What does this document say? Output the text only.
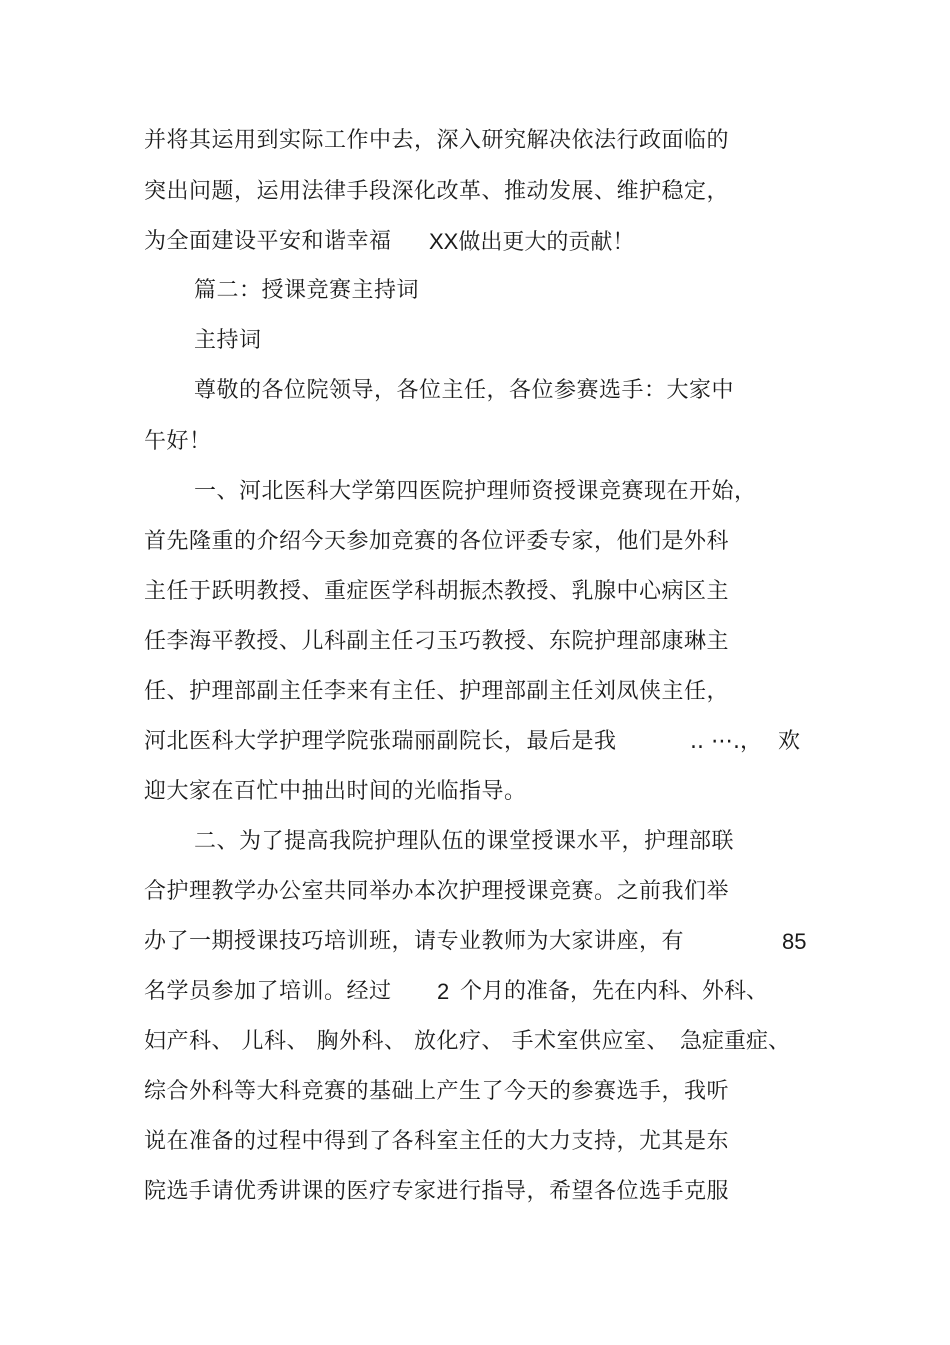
并将其运用到实际工作中去，深入研究解决依法行政面临的
突出问题，运用法律手段深化改革、推动发展、维护稳定，
为全面建设平安和谐幸福 XX做出更大的贡献！
篇二：授课竞赛主持词
主持词
尊敬的各位院领导，各位主任，各位参赛选手：大家中
午好！
一、河北医科大学第四医院护理师资授课竞赛现在开始，
首先隆重的介绍今天参加竞赛的各位评委专家，他们是外科
主任于跃明教授、重症医学科胡振杰教授、乳腺中心病区主
任李海平教授、儿科副主任刁玉巧教授、东院护理部康琳主
任、护理部副主任李来有主任、护理部副主任刘凤侠主任，
河北医科大学护理学院张瑞丽副院长，最后是我	.. ⋯.， 欢
迎大家在百忙中抽出时间的光临指导。
二、为了提高我院护理队伍的课堂授课水平，护理部联
合护理教学办公室共同举办本次护理授课竞赛。之前我们举
办了一期授课技巧培训班，请专业教师为大家讲座，有	85
名学员参加了培训。经过 2 个月的准备，先在内科、外科、
妇产科、 儿科、 胸外科、 放化疗、 手术室供应室、 急症重症、
综合外科等大科竞赛的基础上产生了今天的参赛选手，我听
说在准备的过程中得到了各科室主任的大力支持，尤其是东
院选手请优秀讲课的医疗专家进行指导，希望各位选手克服
